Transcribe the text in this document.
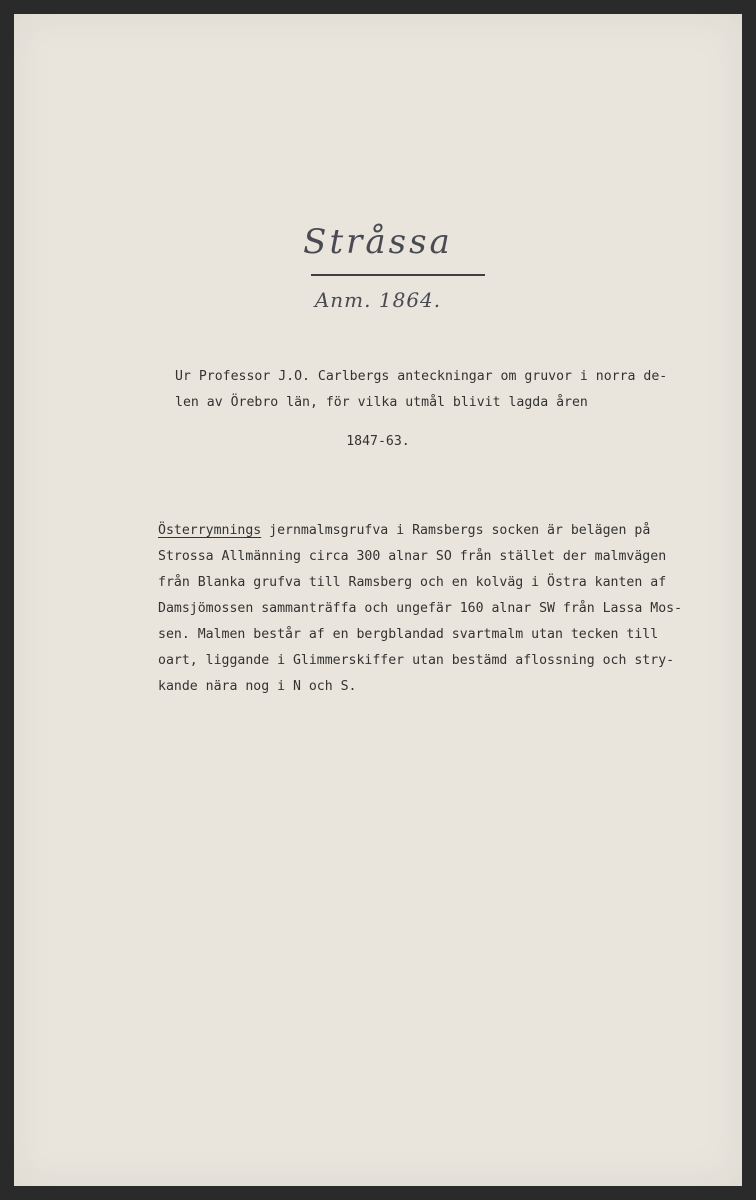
Stråssa
Anm. 1864.
Ur Professor J.O. Carlbergs anteckningar om gruvor i norra de-
len av Örebro län, för vilka utmål blivit lagda åren
1847-63.
Österrymnings jernmalmsgrufva i Ramsbergs socken är belägen på
Strossa Allmänning circa 300 alnar SO från stället der malmvägen
från Blanka grufva till Ramsberg och en kolväg i Östra kanten af
Damsjömossen sammanträffa och ungefär 160 alnar SW från Lassa Mos-
sen. Malmen består af en bergblandad svartmalm utan tecken till
oart, liggande i Glimmerskiffer utan bestämd aflossning och stry-
kande nära nog i N och S.
